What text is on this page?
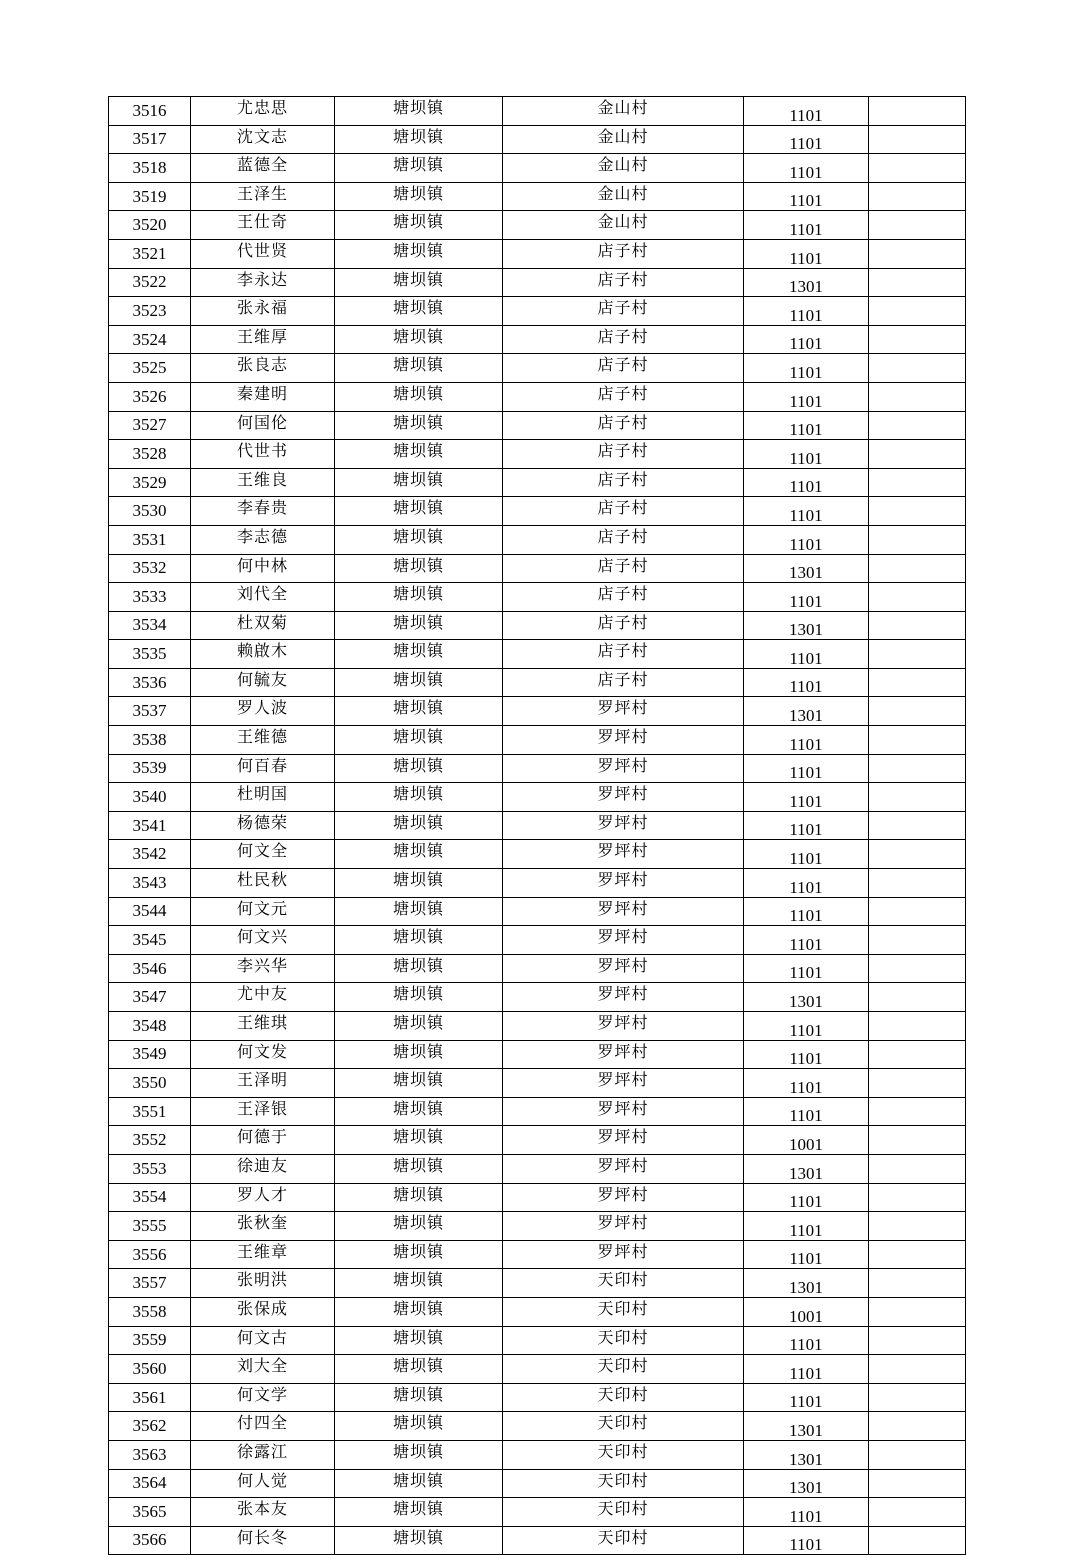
3516	尤忠思	塘坝镇	金山村	1101	
3517	沈文志	塘坝镇	金山村	1101	
3518	蓝德全	塘坝镇	金山村	1101	
3519	王泽生	塘坝镇	金山村	1101	
3520	王仕奇	塘坝镇	金山村	1101	
3521	代世贤	塘坝镇	店子村	1101	
3522	李永达	塘坝镇	店子村	1301	
3523	张永福	塘坝镇	店子村	1101	
3524	王维厚	塘坝镇	店子村	1101	
3525	张良志	塘坝镇	店子村	1101	
3526	秦建明	塘坝镇	店子村	1101	
3527	何国伦	塘坝镇	店子村	1101	
3528	代世书	塘坝镇	店子村	1101	
3529	王维良	塘坝镇	店子村	1101	
3530	李春贵	塘坝镇	店子村	1101	
3531	李志德	塘坝镇	店子村	1101	
3532	何中林	塘坝镇	店子村	1301	
3533	刘代全	塘坝镇	店子村	1101	
3534	杜双菊	塘坝镇	店子村	1301	
3535	赖啟木	塘坝镇	店子村	1101	
3536	何毓友	塘坝镇	店子村	1101	
3537	罗人波	塘坝镇	罗坪村	1301	
3538	王维德	塘坝镇	罗坪村	1101	
3539	何百春	塘坝镇	罗坪村	1101	
3540	杜明国	塘坝镇	罗坪村	1101	
3541	杨德荣	塘坝镇	罗坪村	1101	
3542	何文全	塘坝镇	罗坪村	1101	
3543	杜民秋	塘坝镇	罗坪村	1101	
3544	何文元	塘坝镇	罗坪村	1101	
3545	何文兴	塘坝镇	罗坪村	1101	
3546	李兴华	塘坝镇	罗坪村	1101	
3547	尤中友	塘坝镇	罗坪村	1301	
3548	王维琪	塘坝镇	罗坪村	1101	
3549	何文发	塘坝镇	罗坪村	1101	
3550	王泽明	塘坝镇	罗坪村	1101	
3551	王泽银	塘坝镇	罗坪村	1101	
3552	何德于	塘坝镇	罗坪村	1001	
3553	徐迪友	塘坝镇	罗坪村	1301	
3554	罗人才	塘坝镇	罗坪村	1101	
3555	张秋奎	塘坝镇	罗坪村	1101	
3556	王维章	塘坝镇	罗坪村	1101	
3557	张明洪	塘坝镇	天印村	1301	
3558	张保成	塘坝镇	天印村	1001	
3559	何文古	塘坝镇	天印村	1101	
3560	刘大全	塘坝镇	天印村	1101	
3561	何文学	塘坝镇	天印村	1101	
3562	付四全	塘坝镇	天印村	1301	
3563	徐露江	塘坝镇	天印村	1301	
3564	何人觉	塘坝镇	天印村	1301	
3565	张本友	塘坝镇	天印村	1101	
3566	何长冬	塘坝镇	天印村	1101	
